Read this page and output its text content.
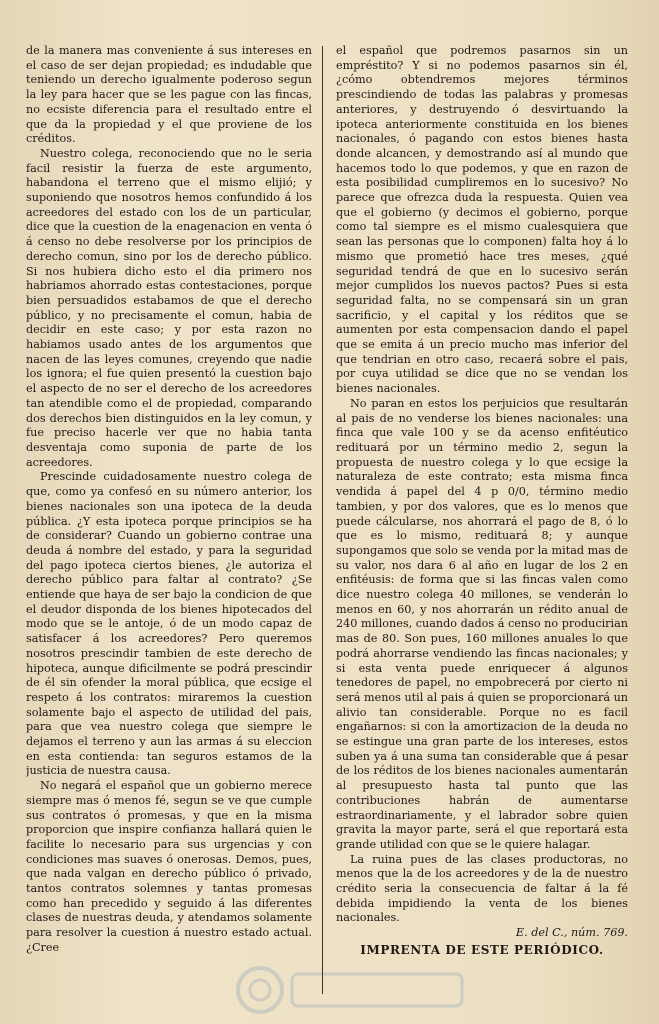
de la manera mas conveniente á sus intereses en el caso de ser dejan propiedad; es indudable que teniendo un derecho igualmente poderoso segun la ley para hacer que se les pague con las fincas, no ecsiste diferencia para el resultado entre el que da la propiedad y el que proviene de los créditos.

Nuestro colega, reconociendo que no le seria facil resistir la fuerza de este argumento, habandona el terreno que el mismo elijió; y suponiendo que nosotros hemos confundido á los acreedores del estado con los de un particular, dice que la cuestion de la enagenacion en venta ó á censo no debe resolverse por los principios de derecho comun, sino por los de derecho público. Si nos hubiera dicho esto el dia primero nos habriamos ahorrado estas contestaciones, porque bien persuadidos estabamos de que el derecho público, y no precisamente el comun, habia de decidir en este caso; y por esta razon no habiamos usado antes de los argumentos que nacen de las leyes comunes, creyendo que nadie los ignora; el fue quien presentó la cuestion bajo el aspecto de no ser el derecho de los acreedores tan atendible como el de propiedad, comparando dos derechos bien distinguidos en la ley comun, y fue preciso hacerle ver que no habia tanta desventaja como suponia de parte de los acreedores.

Prescinde cuidadosamente nuestro colega de que, como ya confesó en su número anterior, los bienes nacionales son una ipoteca de la deuda pública. ¿Y esta ipoteca porque principios se ha de considerar? Cuando un gobierno contrae una deuda á nombre del estado, y para la seguridad del pago ipoteca ciertos bienes, ¿le autoriza el derecho público para faltar al contrato? ¿Se entiende que haya de ser bajo la condicion de que el deudor disponda de los bienes hipotecados del modo que se le antoje, ó de un modo capaz de satisfacer á los acreedores? Pero queremos nosotros prescindir tambien de este derecho de hipoteca, aunque dificilmente se podrá prescindir de él sin ofender la moral pública, que ecsige el respeto á los contratos: miraremos la cuestion solamente bajo el aspecto de utilidad del pais, para que vea nuestro colega que siempre le dejamos el terreno y aun las armas á su eleccion en esta contienda: tan seguros estamos de la justicia de nuestra causa.

No negará el español que un gobierno merece siempre mas ó menos fé, segun se ve que cumple sus contratos ó promesas, y que en la misma proporcion que inspire confianza hallará quien le facilite lo necesario para sus urgencias y con condiciones mas suaves ó onerosas. Demos, pues, que nada valgan en derecho público ó privado, tantos contratos solemnes y tantas promesas como han precedido y seguido á las diferentes clases de nuestras deuda, y atendamos solamente para resolver la cuestion á nuestro estado actual. ¿Cree

el español que podremos pasarnos sin un empréstito? Y si no podemos pasarnos sin él, ¿cómo obtendremos mejores términos prescindiendo de todas las palabras y promesas anteriores, y destruyendo ó desvirtuando la ipoteca anteriormente constituida en los bienes nacionales, ó pagando con estos bienes hasta donde alcancen, y demostrando así al mundo que hacemos todo lo que podemos, y que en razon de esta posibilidad cumpliremos en lo sucesivo? No parece que ofrezca duda la respuesta. Quien vea que el gobierno (y decimos el gobierno, porque como tal siempre es el mismo cualesquiera que sean las personas que lo componen) falta hoy á lo mismo que prometió hace tres meses, ¿qué seguridad tendrá de que en lo sucesivo serán mejor cumplidos los nuevos pactos? Pues si esta seguridad falta, no se compensará sin un gran sacrificio, y el capital y los réditos que se aumenten por esta compensacion dando el papel que se emita á un precio mucho mas inferior del que tendrian en otro caso, recaerá sobre el pais, por cuya utilidad se dice que no se vendan los bienes nacionales.

No paran en estos los perjuicios que resultarán al pais de no venderse los bienes nacionales: una finca que vale 100 y se da acenso enfitéutico redituará por un término medio 2, segun la propuesta de nuestro colega y lo que ecsige la naturaleza de este contrato; esta misma finca vendida á papel del 4 p 0/0, término medio tambien, y por dos valores, que es lo menos que puede cálcularse, nos ahorrará el pago de 8, ó lo que es lo mismo, redituará 8; y aunque supongamos que solo se venda por la mitad mas de su valor, nos dara 6 al año en lugar de los 2 en enfitéusis: de forma que si las fincas valen como dice nuestro colega 40 millones, se venderán lo menos en 60, y nos ahorrarán un rédito anual de 240 millones, cuando dados á censo no producirian mas de 80. Son pues, 160 millones anuales lo que podrá ahorrarse vendiendo las fincas nacionales; y si esta venta puede enriquecer á algunos tenedores de papel, no empobrecerá por cierto ni será menos util al pais á quien se proporcionará un alivio tan considerable. Porque no es facil engañarnos: si con la amortizacion de la deuda no se estingue una gran parte de los intereses, estos suben ya á una suma tan considerable que á pesar de los réditos de los bienes nacionales aumentarán al presupuesto hasta tal punto que las contribuciones habrán de aumentarse estraordinariamente, y el labrador sobre quien gravita la mayor parte, será el que reportará esta grande utilidad con que se le quiere halagar.

La ruina pues de las clases productoras, no menos que la de los acreedores y de la de nuestro crédito seria la consecuencia de faltar á la fé debida impidiendo la venta de los bienes nacionales.

E. del C., núm. 769.

IMPRENTA DE ESTE PERIÓDICO.
